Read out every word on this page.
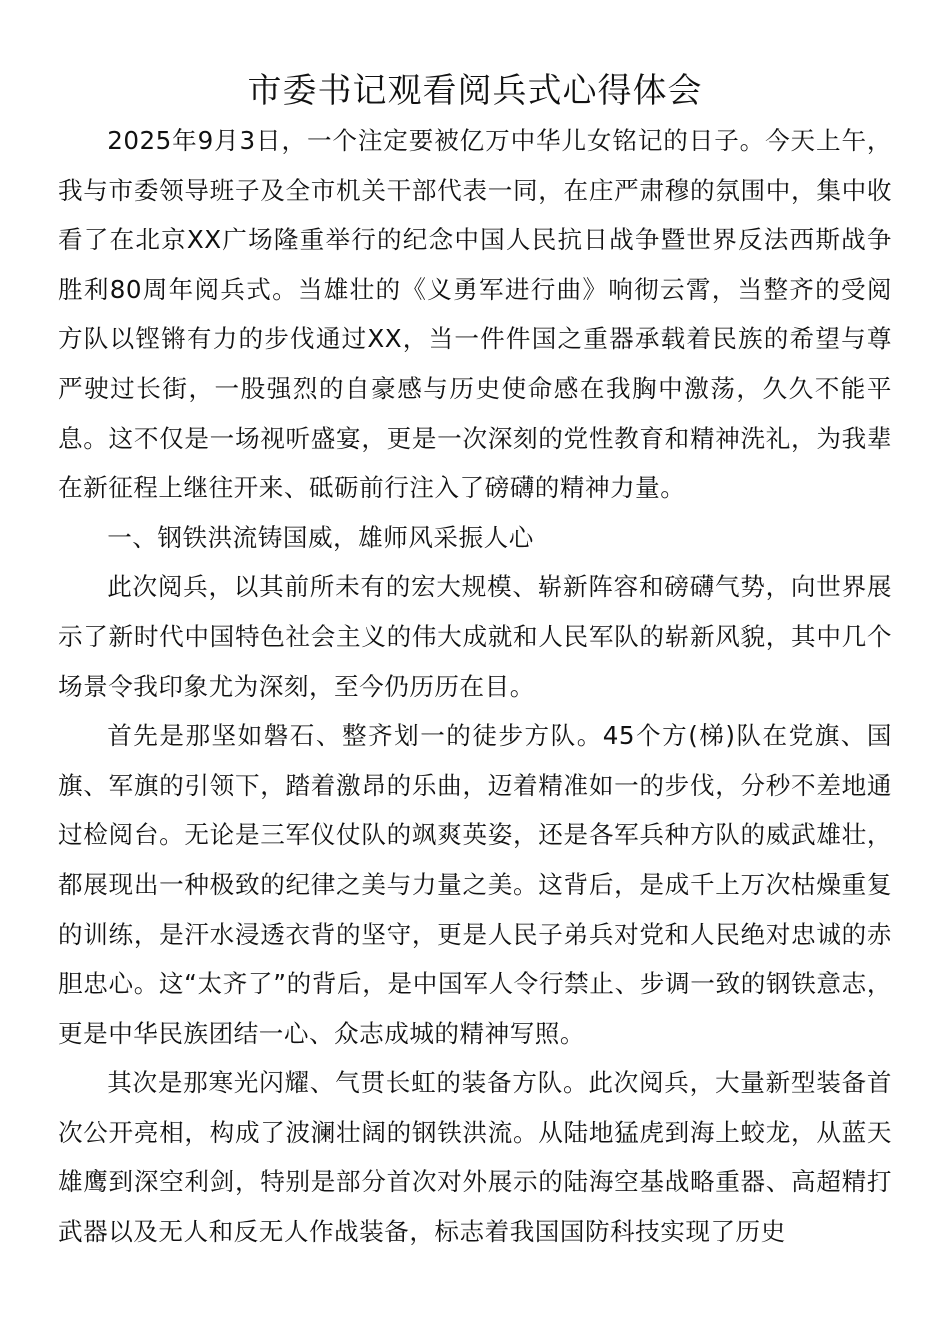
市委书记观看阅兵式心得体会

2025年9月3日，一个注定要被亿万中华儿女铭记的日子。今天上午，我与市委领导班子及全市机关干部代表一同，在庄严肃穆的氛围中，集中收看了在北京XX广场隆重举行的纪念中国人民抗日战争暨世界反法西斯战争胜利80周年阅兵式。当雄壮的《义勇军进行曲》响彻云霄，当整齐的受阅方队以铿锵有力的步伐通过XX，当一件件国之重器承载着民族的希望与尊严驶过长街，一股强烈的自豪感与历史使命感在我胸中激荡，久久不能平息。这不仅是一场视听盛宴，更是一次深刻的党性教育和精神洗礼，为我辈在新征程上继往开来、砥砺前行注入了磅礴的精神力量。

一、钢铁洪流铸国威，雄师风采振人心

此次阅兵，以其前所未有的宏大规模、崭新阵容和磅礴气势，向世界展示了新时代中国特色社会主义的伟大成就和人民军队的崭新风貌，其中几个场景令我印象尤为深刻，至今仍历历在目。

首先是那坚如磐石、整齐划一的徒步方队。45个方(梯)队在党旗、国旗、军旗的引领下，踏着激昂的乐曲，迈着精准如一的步伐，分秒不差地通过检阅台。无论是三军仪仗队的飒爽英姿，还是各军兵种方队的威武雄壮，都展现出一种极致的纪律之美与力量之美。这背后，是成千上万次枯燥重复的训练，是汗水浸透衣背的坚守，更是人民子弟兵对党和人民绝对忠诚的赤胆忠心。这“太齐了”的背后，是中国军人令行禁止、步调一致的钢铁意志，更是中华民族团结一心、众志成城的精神写照。

其次是那寒光闪耀、气贯长虹的装备方队。此次阅兵，大量新型装备首次公开亮相，构成了波澜壮阔的钢铁洪流。从陆地猛虎到海上蛟龙，从蓝天雄鹰到深空利剑，特别是部分首次对外展示的陆海空基战略重器、高超精打武器以及无人和反无人作战装备，标志着我国国防科技实现了历史
